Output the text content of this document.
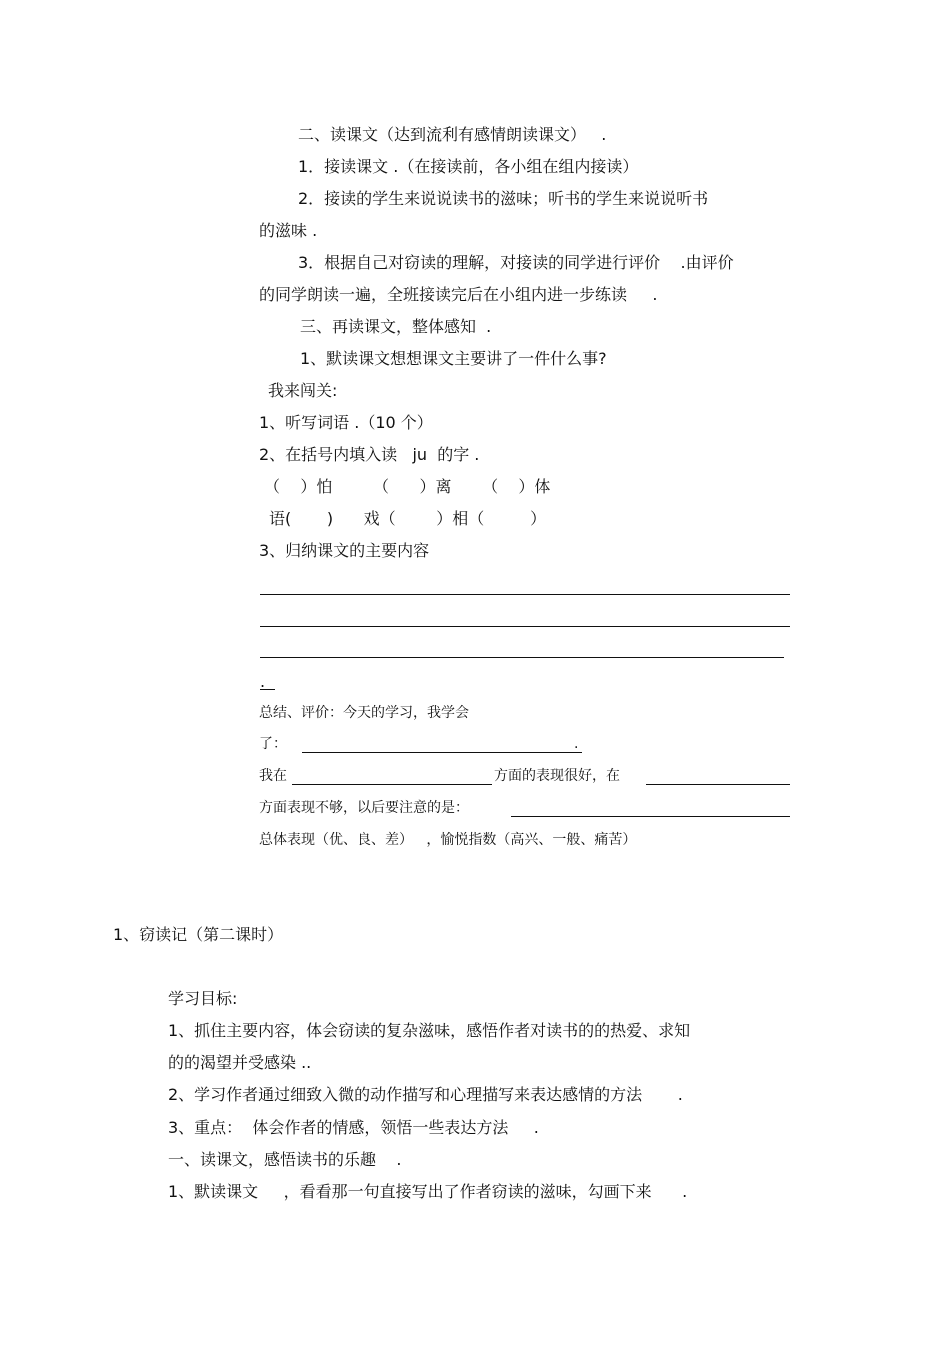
二、读课文（达到流利有感情朗读课文）   .
1．接读课文 .（在接读前，各小组在组内接读）
2．接读的学生来说说读书的滋味；听书的学生来说说听书
的滋味 .
3．根据自己对窃读的理解，对接读的同学进行评价    .由评价
的同学朗读一遍，全班接读完后在小组内进一步练读     .
三、再读课文，整体感知  .
1、默读课文想想课文主要讲了一件什么事?
我来闯关:
1、听写词语 .（10 个）
2、在括号内填入读   ju  的字 .
（    ）怕        （      ）离      （    ）体
语(       )      戏（        ）相（         ）
3、归纳课文的主要内容
.
总结、评价：今天的学习，我学会
了：	.
我在	方面的表现很好，在
方面表现不够，以后要注意的是：
总体表现（优、良、差）   ，愉悦指数（高兴、一般、痛苦）
1、窃读记（第二课时）
学习目标:
1、抓住主要内容，体会窃读的复杂滋味，感悟作者对读书的的热爱、求知
的的渴望并受感染 ..
2、学习作者通过细致入微的动作描写和心理描写来表达感情的方法       .
3、重点：  体会作者的情感，领悟一些表达方法     .
一、读课文，感悟读书的乐趣    .
1、默读课文     ，看看那一句直接写出了作者窃读的滋味，勾画下来      .
